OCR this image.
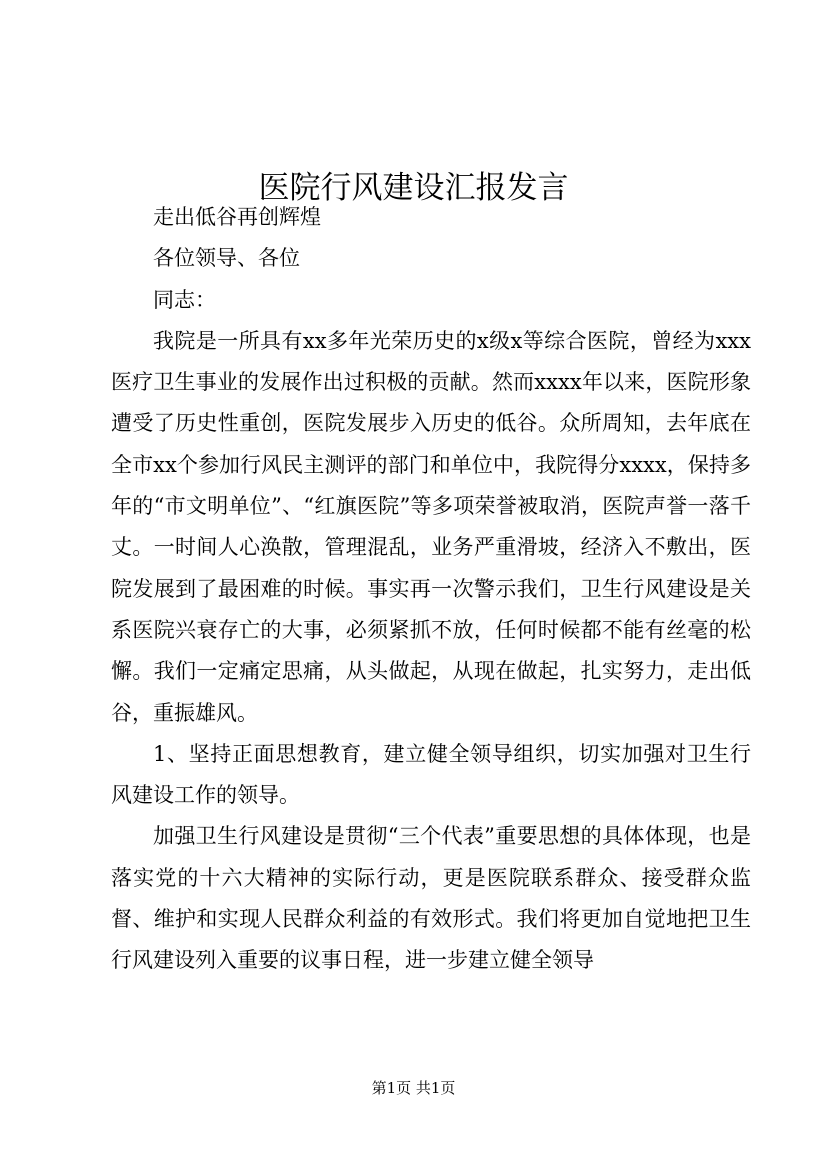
医院行风建设汇报发言

走出低谷再创辉煌

各位领导、各位

同志：

我院是一所具有xx多年光荣历史的x级x等综合医院，曾经为xxx医疗卫生事业的发展作出过积极的贡献。然而xxxx年以来，医院形象遭受了历史性重创，医院发展步入历史的低谷。众所周知，去年底在全市xx个参加行风民主测评的部门和单位中，我院得分xxxx，保持多年的“市文明单位”、“红旗医院”等多项荣誉被取消，医院声誉一落千丈。一时间人心涣散，管理混乱，业务严重滑坡，经济入不敷出，医院发展到了最困难的时候。事实再一次警示我们，卫生行风建设是关系医院兴衰存亡的大事，必须紧抓不放，任何时候都不能有丝毫的松懈。我们一定痛定思痛，从头做起，从现在做起，扎实努力，走出低谷，重振雄风。

1、坚持正面思想教育，建立健全领导组织，切实加强对卫生行风建设工作的领导。

加强卫生行风建设是贯彻“三个代表”重要思想的具体体现，也是落实党的十六大精神的实际行动，更是医院联系群众、接受群众监督、维护和实现人民群众利益的有效形式。我们将更加自觉地把卫生行风建设列入重要的议事日程，进一步建立健全领导

第1页 共1页
